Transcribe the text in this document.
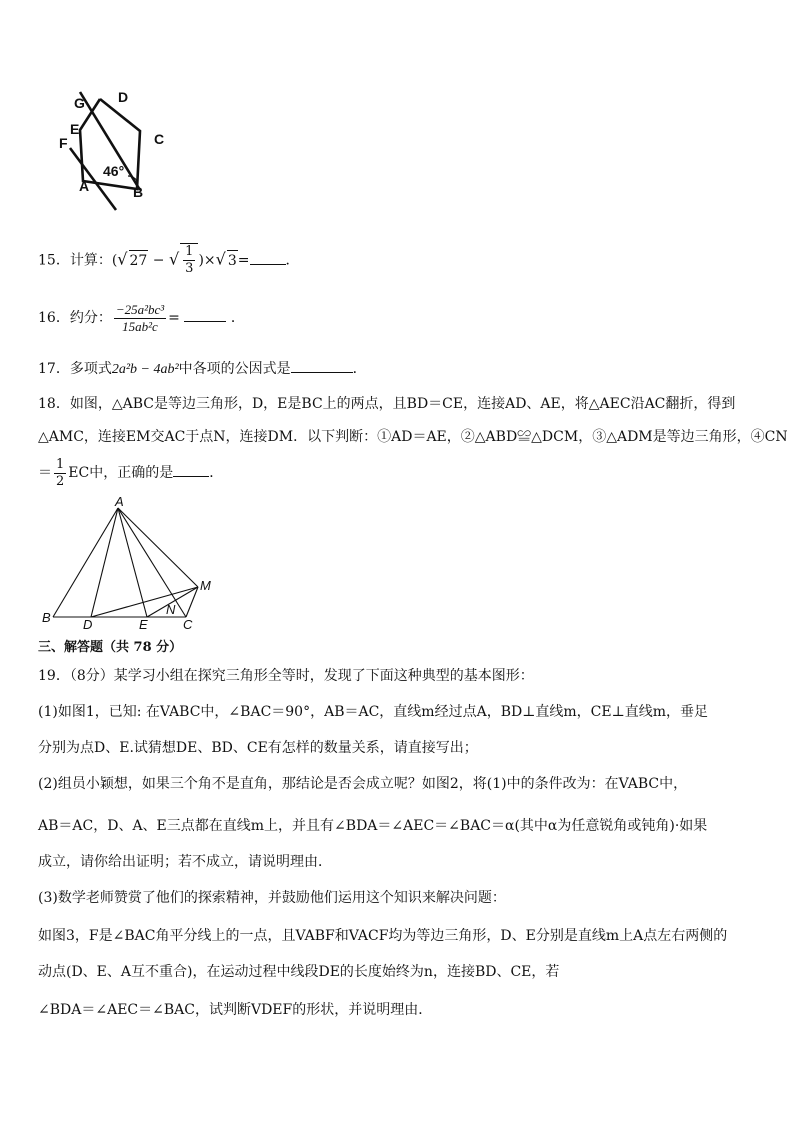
G D
E
C
F
A	B
46°
15．计算：(√ 27 − √ $\frac{1}{3}$ )×√ 3=	．
16．约分： $\frac{\text{−25a²bc³}}{\text{15ab²c}}$ =	．
17．多项式2a²b − 4ab²中各项的公因式是	．
18．如图，△ABC是等边三角形，D，E是BC上的两点，且BD＝CE，连接AD、AE，将△AEC沿AC翻折，得到
△AMC，连接EM交AC于点N，连接DM．以下判断：①AD＝AE，②△ABD≌△DCM，③△ADM是等边三角形，④CN
＝ $\frac{1}{2}$ EC中，正确的是	．
A
B	C
D	E
M
N
三、解答题（共 78 分）
19．（8分）某学习小组在探究三角形全等时，发现了下面这种典型的基本图形：
(1)如图1，已知: 在VABC中，∠BAC＝90°，AB＝AC，直线m经过点A，BD⊥直线m，CE⊥直线m，垂足
分别为点D、E.试猜想DE、BD、CE有怎样的数量关系，请直接写出；
(2)组员小颖想，如果三个角不是直角，那结论是否会成立呢？如图2，将(1)中的条件改为：在VABC中，
AB＝AC，D、A、E三点都在直线m上，并且有∠BDA＝∠AEC＝∠BAC＝α(其中α为任意锐角或钝角)·如果
成立，请你给出证明；若不成立，请说明理由．
(3)数学老师赞赏了他们的探索精神，并鼓励他们运用这个知识来解决问题：
如图3，F是∠BAC角平分线上的一点，且VABF和VACF均为等边三角形，D、E分别是直线m上A点左右两侧的
动点(D、E、A互不重合)，在运动过程中线段DE的长度始终为n，连接BD、CE，若
∠BDA＝∠AEC＝∠BAC，试判断VDEF的形状，并说明理由．
